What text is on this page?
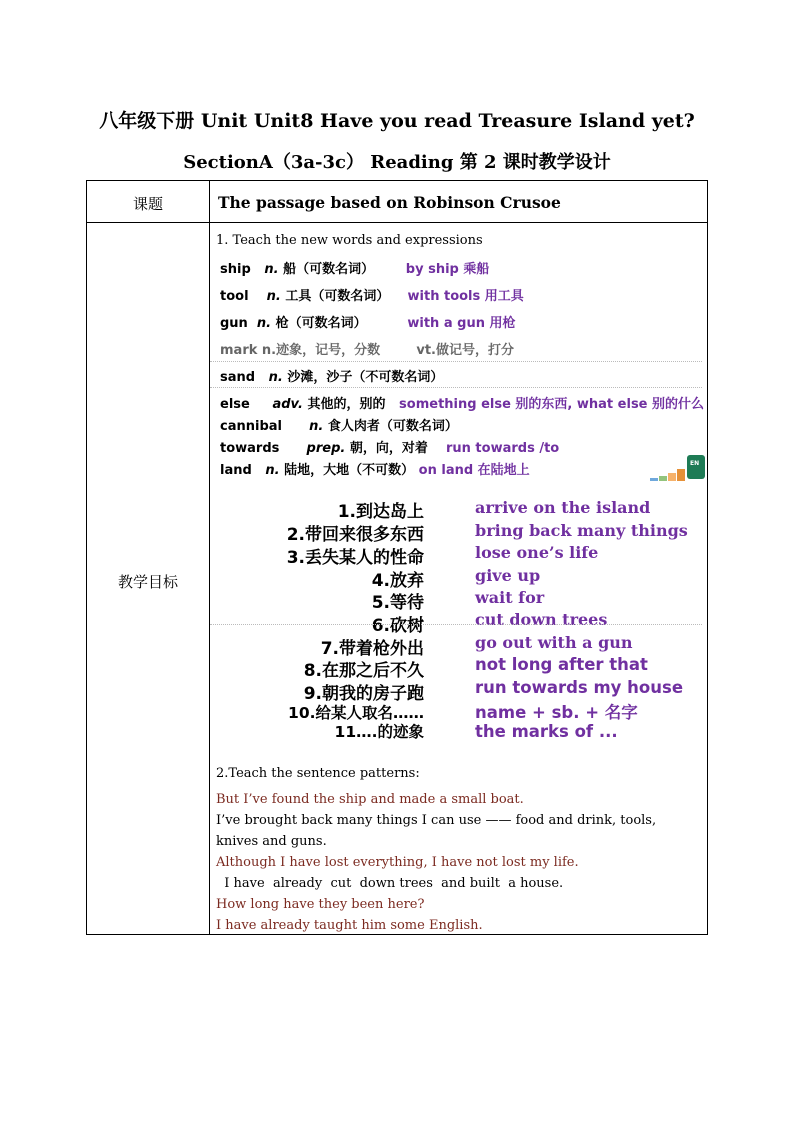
八年级下册 Unit Unit8 Have you read Treasure Island yet?
SectionA（3a-3c） Reading 第 2 课时教学设计
课题	The passage based on Robinson Crusoe
教学目标
1. Teach the new words and expressions
ship n. 船（可数名词） by ship 乘船
tool n. 工具（可数名词） with tools 用工具
gun n. 枪（可数名词）	with a gun 用枪
mark n.迹象，记号，分数	vt.做记号，打分
sand n. 沙滩，沙子（不可数名词）
else adv. 其他的，别的 something else 别的东西, what else 别的什么
cannibal n. 食人肉者（可数名词）
towards prep. 朝，向，对着 run towards /to
land n. 陆地，大地（不可数） on land 在陆地上	EN
1.到达岛上	arrive on the island
2.带回来很多东西	bring back many things
3.丢失某人的性命	lose one’s life
4.放弃	give up
5.等待	wait for
6.砍树	cut down trees
7.带着枪外出	go out with a gun
8.在那之后不久	not long after that
9.朝我的房子跑	run towards my house
10.给某人取名……	name + sb. + 名字
11….的迹象	the marks of ...
2.Teach the sentence patterns:
But I’ve found the ship and made a small boat.
I’ve brought back many things I can use —— food and drink, tools, knives and guns.
Although I have lost everything, I have not lost my life.
I have  already  cut  down trees  and built  a house.
How long have they been here?
I have already taught him some English.
